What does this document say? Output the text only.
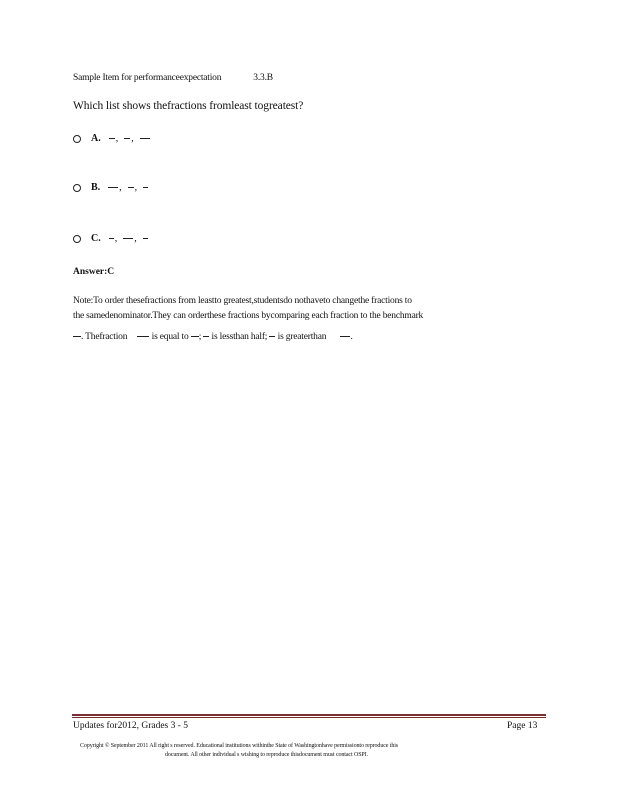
Sample Item for performanceexpectation	3.3.B
Which list shows thefractions fromleast togreatest?
A. , ,
B. , ,
C. , ,
Answer:C
Note:To order thesefractions from leastto greatest,studentsdo nothaveto changethe fractions to
the samedenominator.They can orderthese fractions bycomparing each fraction to the benchmark
. Thefraction	is equal to ; is lessthan half; is greaterthan	.
Updates for2012, Grades 3 - 5	Page 13
Copyright © September 2011 All right s reserved. Educational institutions withinthe State of Washingtonhave permissionto reproduce this
document. All other individual s wishing to reproduce thisdocument must contact OSPI.
